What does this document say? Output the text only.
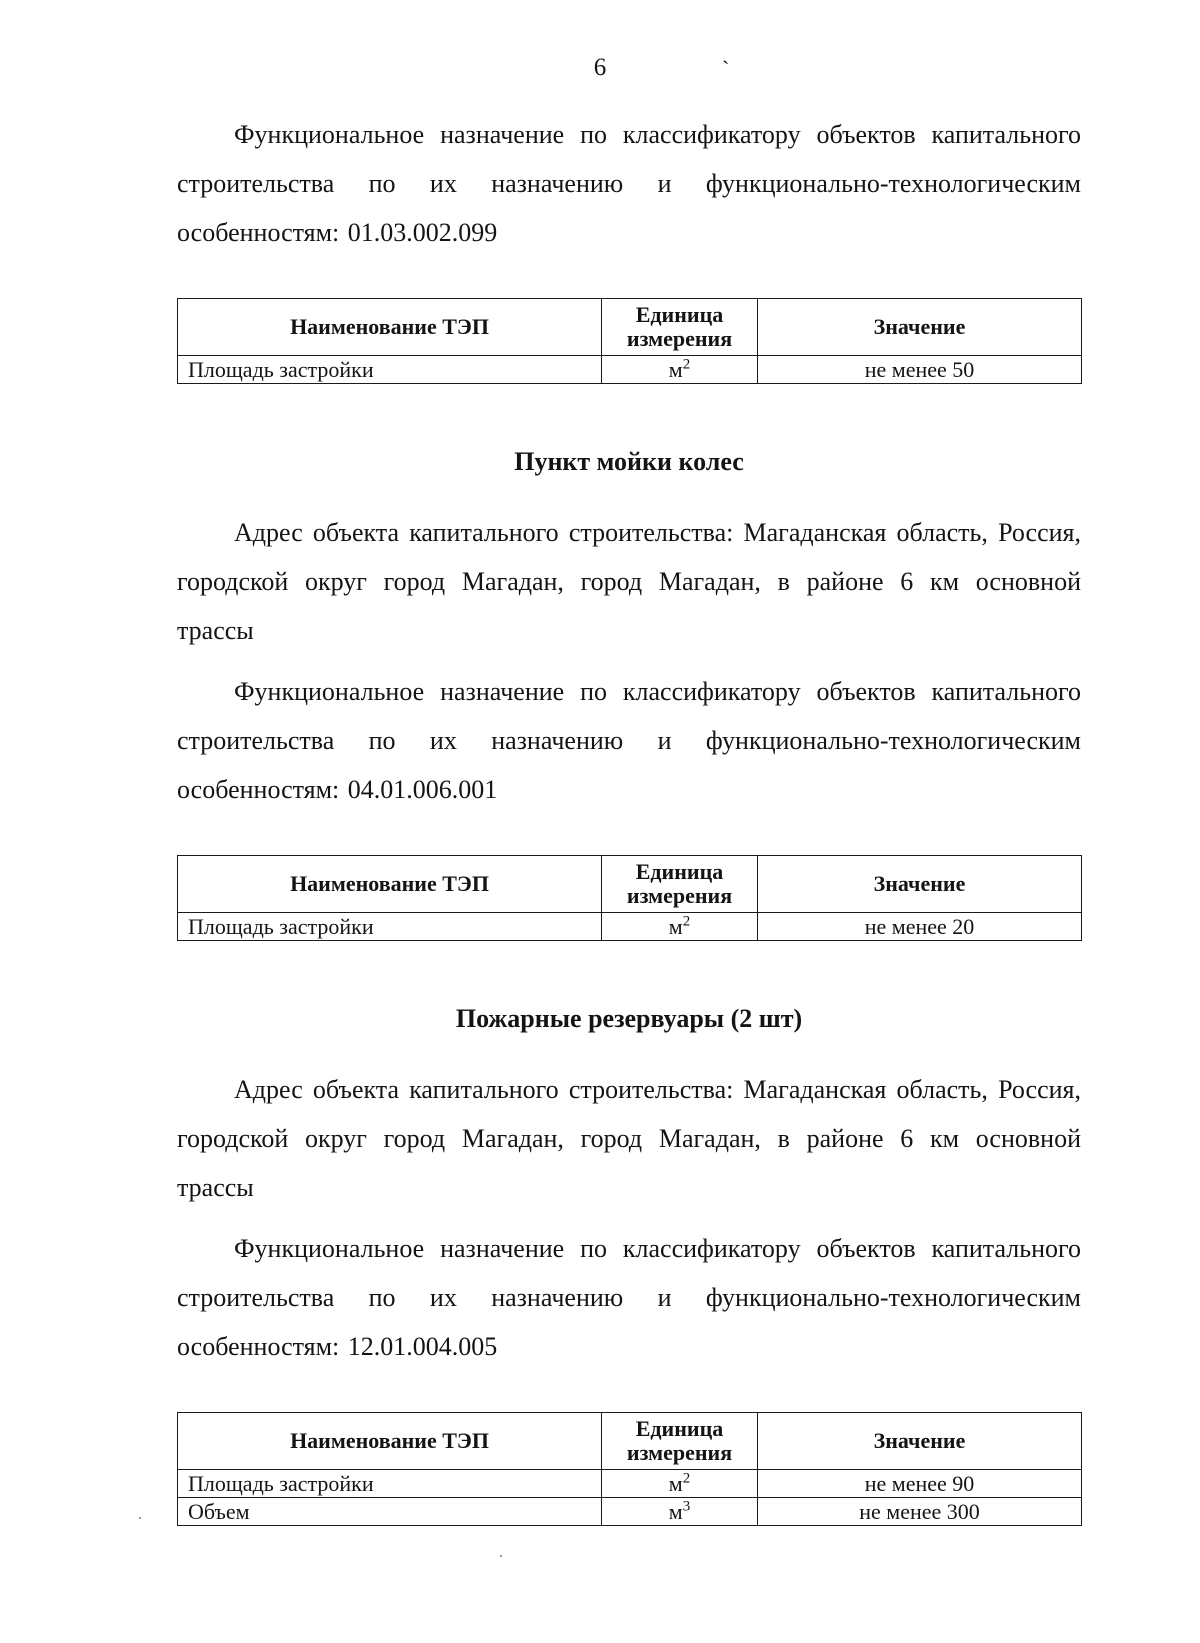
6	`

Функциональное назначение по классификатору объектов капитального строительства по их назначению и функционально-технологическим особенностям: 01.03.002.099

Наименование ТЭП	Единица измерения	Значение
Площадь застройки	$м^2$	не менее 50
Пункт мойки колес

Адрес объекта капитального строительства: Магаданская область, Россия, городской округ город Магадан, город Магадан, в районе 6 км основной трассы

Функциональное назначение по классификатору объектов капитального строительства по их назначению и функционально-технологическим особенностям: 04.01.006.001

Наименование ТЭП	Единица измерения	Значение
Площадь застройки	$м^2$	не менее 20
Пожарные резервуары (2 шт)

Адрес объекта капитального строительства: Магаданская область, Россия, городской округ город Магадан, город Магадан, в районе 6 км основной трассы

Функциональное назначение по классификатору объектов капитального строительства по их назначению и функционально-технологическим особенностям: 12.01.004.005

Наименование ТЭП	Единица измерения	Значение
Площадь застройки	$м^2$	не менее 90
Объем	$м^3$	не менее 300
